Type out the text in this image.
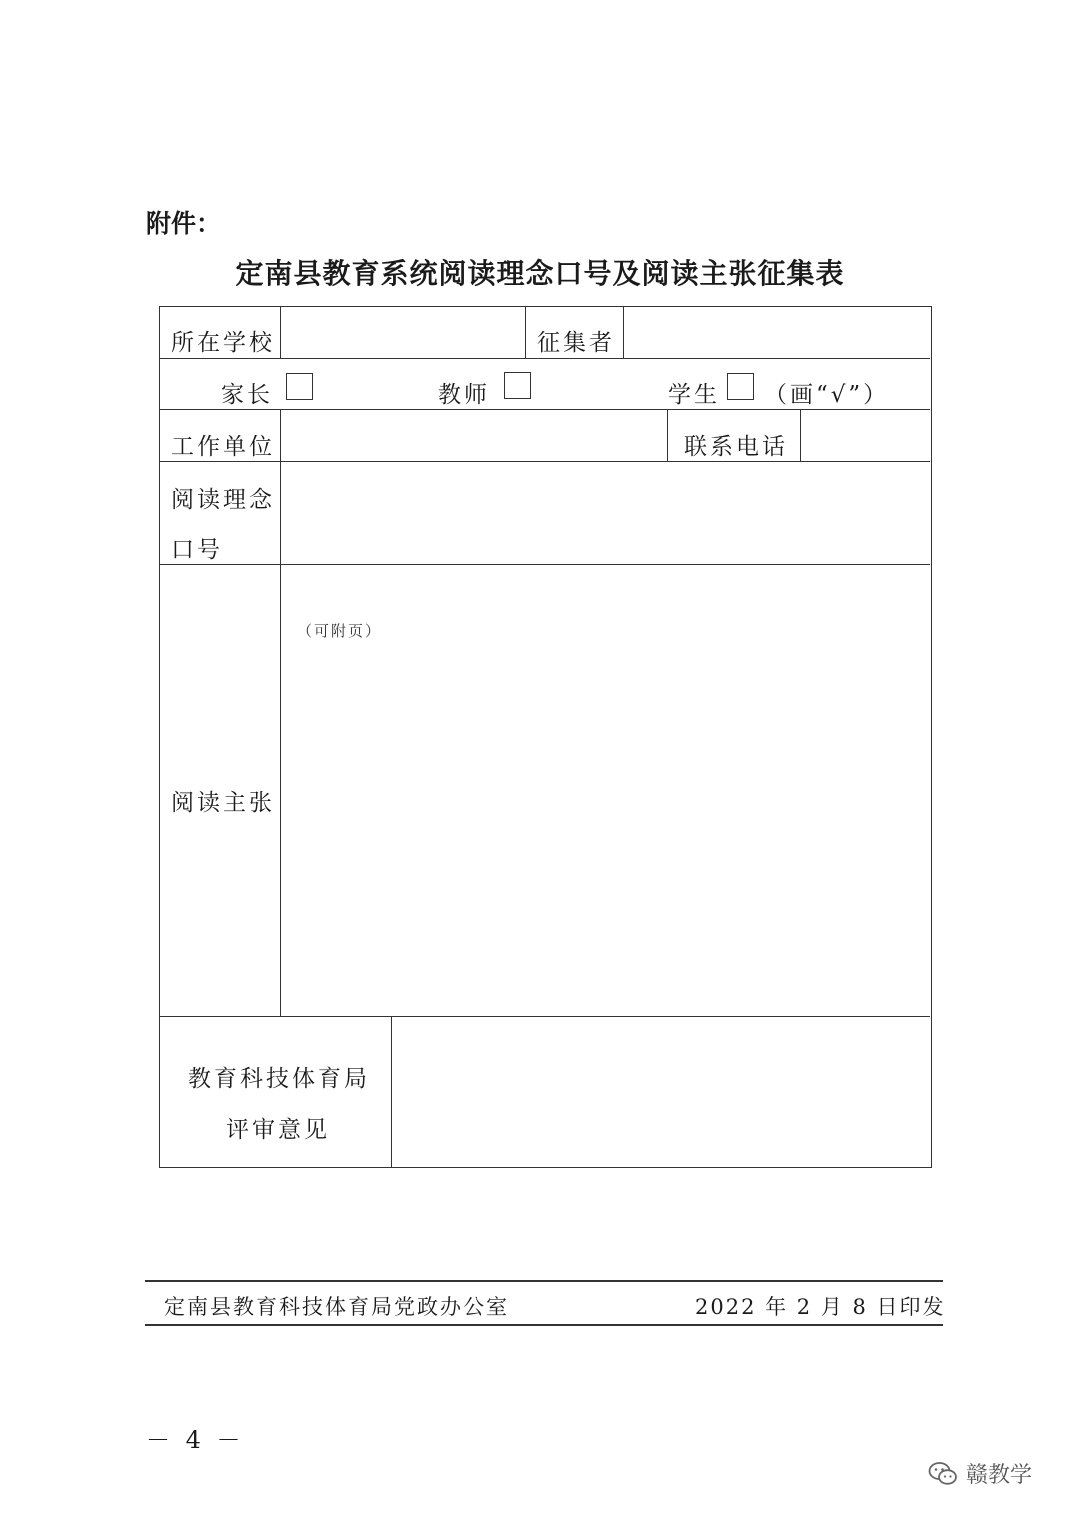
附件：
定南县教育系统阅读理念口号及阅读主张征集表
所在学校	征集者
家长	教师	学生 （画“√”）
工作单位	联系电话
阅读理念
口号
阅读主张
（可附页）
教育科技体育局
评审意见
定南县教育科技体育局党政办公室	2022 年 2 月 8 日印发
－ 4 －
赣教学
